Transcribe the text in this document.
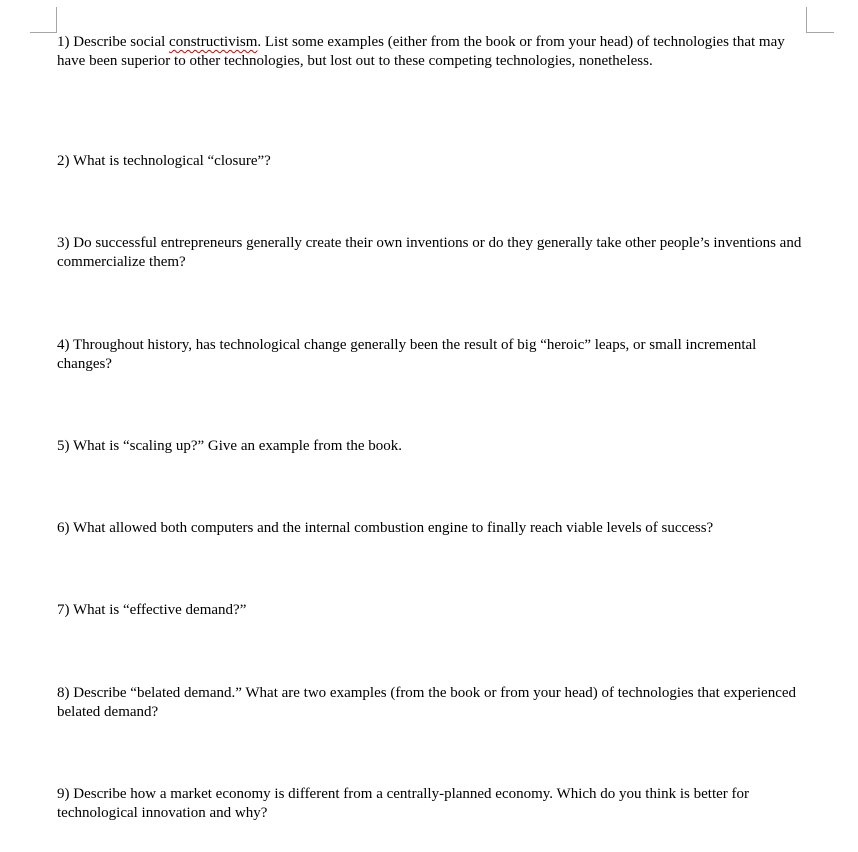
1) Describe social constructivism. List some examples (either from the book or from your head) of technologies that may have been superior to other technologies, but lost out to these competing technologies, nonetheless.

2) What is technological “closure”?

3) Do successful entrepreneurs generally create their own inventions or do they generally take other people’s inventions and commercialize them?

4) Throughout history, has technological change generally been the result of big “heroic” leaps, or small incremental changes?

5) What is “scaling up?” Give an example from the book.

6) What allowed both computers and the internal combustion engine to finally reach viable levels of success?

7) What is “effective demand?”

8) Describe “belated demand.” What are two examples (from the book or from your head) of technologies that experienced belated demand?

9) Describe how a market economy is different from a centrally-planned economy. Which do you think is better for technological innovation and why?
